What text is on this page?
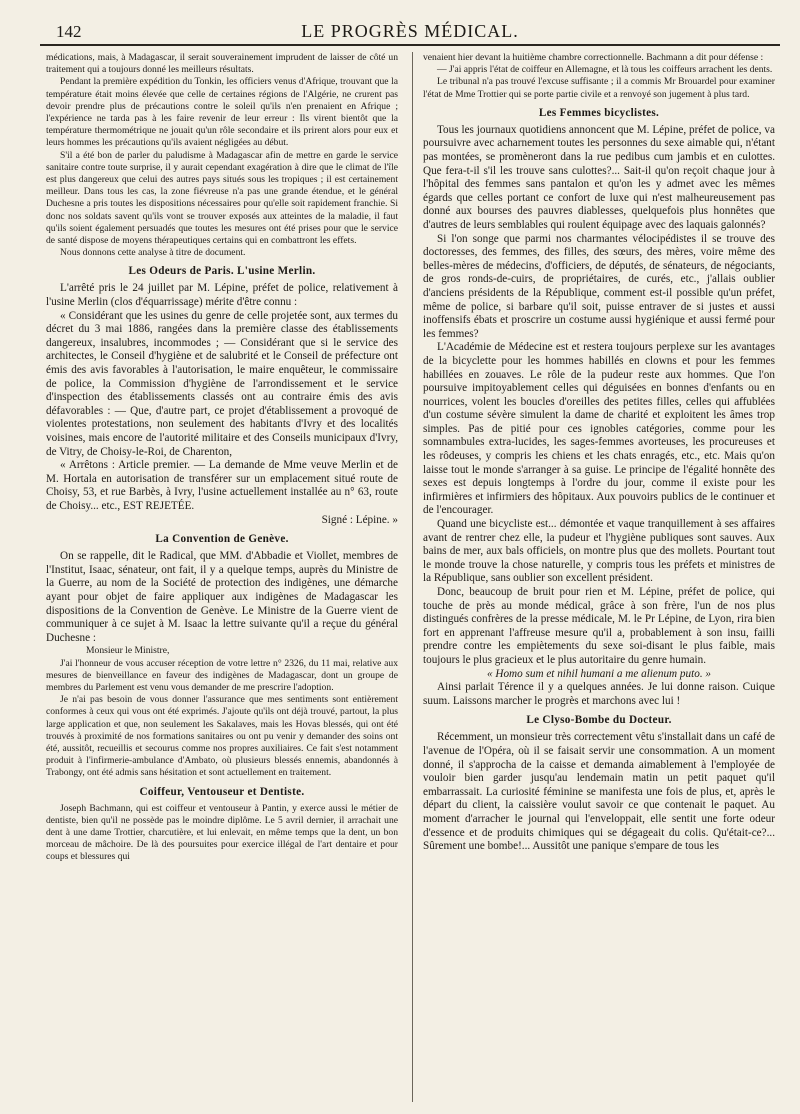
142	LE PROGRÈS MÉDICAL.

médications, mais, à Madagascar, il serait souverainement imprudent de laisser de côté un traitement qui a toujours donné les meilleurs résultats.

Pendant la première expédition du Tonkin, les officiers venus d'Afrique, trouvant que la température était moins élevée que celle de certaines régions de l'Algérie, ne crurent pas devoir prendre plus de précautions contre le soleil qu'ils n'en prenaient en Afrique ; l'expérience ne tarda pas à les faire revenir de leur erreur : Ils virent bientôt que la température thermométrique ne jouait qu'un rôle secondaire et ils prirent alors pour eux et leurs hommes les précautions qu'ils avaient négligées au début.

S'il a été bon de parler du paludisme à Madagascar afin de mettre en garde le service sanitaire contre toute surprise, il y aurait cependant exagération à dire que le climat de l'île est plus dangereux que celui des autres pays situés sous les tropiques ; il est certainement meilleur. Dans tous les cas, la zone fiévreuse n'a pas une grande étendue, et le général Duchesne a pris toutes les dispositions nécessaires pour qu'elle soit rapidement franchie. Si donc nos soldats savent qu'ils vont se trouver exposés aux atteintes de la maladie, il faut qu'ils soient également persuadés que toutes les mesures ont été prises pour que le service de santé dispose de moyens thérapeutiques certains qui en combattront les effets.

Nous donnons cette analyse à titre de document.

Les Odeurs de Paris. L'usine Merlin.

L'arrêté pris le 24 juillet par M. Lépine, préfet de police, relativement à l'usine Merlin (clos d'équarrissage) mérite d'être connu :

« Considérant que les usines du genre de celle projetée sont, aux termes du décret du 3 mai 1886, rangées dans la première classe des établissements dangereux, insalubres, incommodes ; — Considérant que si le service des architectes, le Conseil d'hygiène et de salubrité et le Conseil de préfecture ont émis des avis favorables à l'autorisation, le maire enquêteur, le commissaire de police, la Commission d'hygiène de l'arrondissement et le service d'inspection des établissements classés ont au contraire émis des avis défavorables : — Que, d'autre part, ce projet d'établissement a provoqué de violentes protestations, non seulement des habitants d'Ivry et des localités voisines, mais encore de l'autorité militaire et des Conseils municipaux d'Ivry, de Vitry, de Choisy-le-Roi, de Charenton,

« Arrêtons : Article premier. — La demande de Mme veuve Merlin et de M. Hortala en autorisation de transférer sur un emplacement situé route de Choisy, 53, et rue Barbès, à Ivry, l'usine actuellement installée au n° 63, route de Choisy... etc., EST REJETÉE.

Signé : Lépine. »

La Convention de Genève.

On se rappelle, dit le Radical, que MM. d'Abbadie et Viollet, membres de l'Institut, Isaac, sénateur, ont fait, il y a quelque temps, auprès du Ministre de la Guerre, au nom de la Société de protection des indigènes, une démarche ayant pour objet de faire appliquer aux indigènes de Madagascar les dispositions de la Convention de Genève. Le Ministre de la Guerre vient de communiquer à ce sujet à M. Isaac la lettre suivante qu'il a reçue du général Duchesne :

Monsieur le Ministre,

J'ai l'honneur de vous accuser réception de votre lettre n° 2326, du 11 mai, relative aux mesures de bienveillance en faveur des indigènes de Madagascar, dont un groupe de membres du Parlement est venu vous demander de me prescrire l'adoption.

Je n'ai pas besoin de vous donner l'assurance que mes sentiments sont entièrement conformes à ceux qui vous ont été exprimés. J'ajoute qu'ils ont déjà trouvé, partout, la plus large application et que, non seulement les Sakalaves, mais les Hovas blessés, qui ont été trouvés à proximité de nos formations sanitaires ou ont pu venir y demander des soins ont été, aussitôt, recueillis et secourus comme nos propres auxiliaires. Ce fait s'est notamment produit à l'infirmerie-ambulance d'Ambato, où plusieurs blessés ennemis, abandonnés à Trabongy, ont été admis sans hésitation et sont actuellement en traitement.

Coiffeur, Ventouseur et Dentiste.

Joseph Bachmann, qui est coiffeur et ventouseur à Pantin, y exerce aussi le métier de dentiste, bien qu'il ne possède pas le moindre diplôme. Le 5 avril dernier, il arrachait une dent à une dame Trottier, charcutière, et lui enlevait, en même temps que la dent, un bon morceau de mâchoire. De là des poursuites pour exercice illégal de l'art dentaire et pour coups et blessures qui

venaient hier devant la huitième chambre correctionnelle. Bachmann a dit pour défense :

— J'ai appris l'état de coiffeur en Allemagne, et là tous les coiffeurs arrachent les dents.

Le tribunal n'a pas trouvé l'excuse suffisante ; il a commis Mr Brouardel pour examiner l'état de Mme Trottier qui se porte partie civile et a renvoyé son jugement à plus tard.

Les Femmes bicyclistes.

Tous les journaux quotidiens annoncent que M. Lépine, préfet de police, va poursuivre avec acharnement toutes les personnes du sexe aimable qui, n'étant pas montées, se promèneront dans la rue pedibus cum jambis et en culottes. Que fera-t-il s'il les trouve sans culottes?... Sait-il qu'on reçoit chaque jour à l'hôpital des femmes sans pantalon et qu'on les y admet avec les mêmes égards que celles portant ce confort de luxe qui n'est malheureusement pas donné aux bourses des pauvres diablesses, quelquefois plus honnêtes que d'autres de leurs semblables qui roulent équipage avec des laquais galonnés?

Si l'on songe que parmi nos charmantes vélocipédistes il se trouve des doctoresses, des femmes, des filles, des sœurs, des mères, voire même des belles-mères de médecins, d'officiers, de députés, de sénateurs, de négociants, de gros ronds-de-cuirs, de propriétaires, de curés, etc., j'allais oublier d'anciens présidents de la République, comment est-il possible qu'un préfet, même de police, si barbare qu'il soit, puisse entraver de si justes et aussi inoffensifs ébats et proscrire un costume aussi hygiénique et aussi fermé pour les femmes?

L'Académie de Médecine est et restera toujours perplexe sur les avantages de la bicyclette pour les hommes habillés en clowns et pour les femmes habillées en zouaves. Le rôle de la pudeur reste aux hommes. Que l'on poursuive impitoyablement celles qui déguisées en bonnes d'enfants ou en nourrices, volent les boucles d'oreilles des petites filles, celles qui affublées d'un costume sévère simulent la dame de charité et exploitent les âmes trop simples. Pas de pitié pour ces ignobles catégories, comme pour les somnambules extra-lucides, les sages-femmes avorteuses, les procureuses et les rôdeuses, y compris les chiens et les chats enragés, etc., etc. Mais qu'on laisse tout le monde s'arranger à sa guise. Le principe de l'égalité honnête des sexes est depuis longtemps à l'ordre du jour, comme il existe pour les infirmières et infirmiers des hôpitaux. Aux pouvoirs publics de le continuer et de l'encourager.

Quand une bicycliste est... démontée et vaque tranquillement à ses affaires avant de rentrer chez elle, la pudeur et l'hygiène publiques sont sauves. Aux bains de mer, aux bals officiels, on montre plus que des mollets. Pourtant tout le monde trouve la chose naturelle, y compris tous les préfets et ministres de la République, sans oublier son excellent président.

Donc, beaucoup de bruit pour rien et M. Lépine, préfet de police, qui touche de près au monde médical, grâce à son frère, l'un de nos plus distingués confrères de la presse médicale, M. le Pr Lépine, de Lyon, rira bien fort en apprenant l'affreuse mesure qu'il a, probablement à son insu, failli prendre contre les empiètements du sexe soi-disant le plus faible, mais toujours le plus gracieux et le plus autoritaire du genre humain.

« Homo sum et nihil humani a me alienum puto. »

Ainsi parlait Térence il y a quelques années. Je lui donne raison. Cuique suum. Laissons marcher le progrès et marchons avec lui !

Le Clyso-Bombe du Docteur.

Récemment, un monsieur très correctement vêtu s'installait dans un café de l'avenue de l'Opéra, où il se faisait servir une consommation. A un moment donné, il s'approcha de la caisse et demanda aimablement à l'employée de vouloir bien garder jusqu'au lendemain matin un petit paquet qu'il embarrassait. La curiosité féminine se manifesta une fois de plus, et, après le départ du client, la caissière voulut savoir ce que contenait le paquet. Au moment d'arracher le journal qui l'enveloppait, elle sentit une forte odeur d'essence et de produits chimiques qui se dégageait du colis. Qu'était-ce?... Sûrement une bombe!... Aussitôt une panique s'empare de tous les
